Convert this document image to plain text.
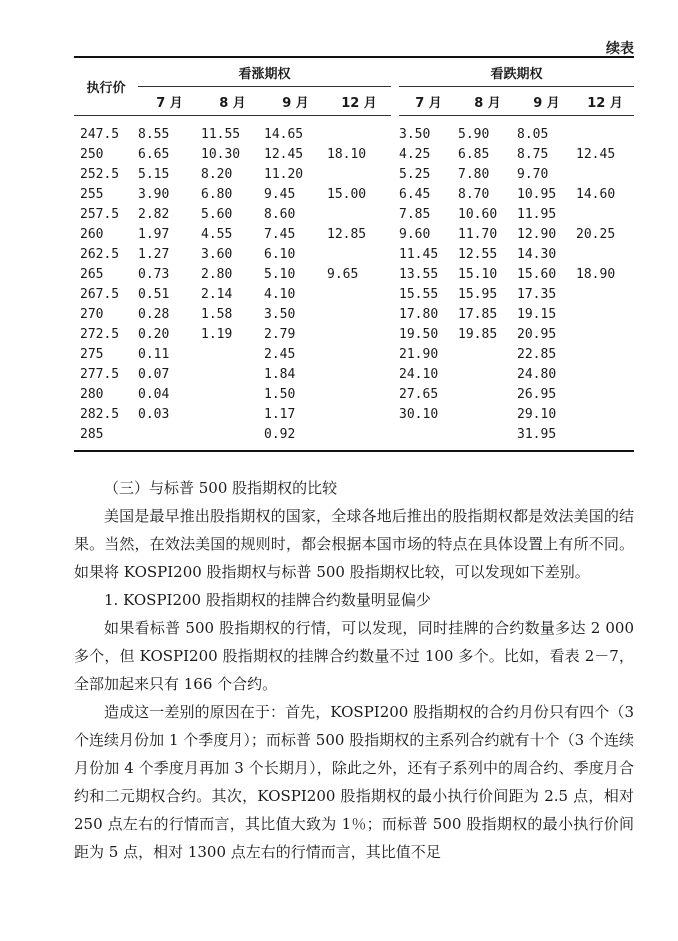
续表
执行价	看涨期权					看跌期权			
	7 月	8 月	9 月	12 月		7 月	8 月	9 月	12 月
247.5	8.55	11.55	14.65			3.50	5.90	8.05	
250	6.65	10.30	12.45	18.10		4.25	6.85	8.75	12.45
252.5	5.15	8.20	11.20			5.25	7.80	9.70	
255	3.90	6.80	9.45	15.00		6.45	8.70	10.95	14.60
257.5	2.82	5.60	8.60			7.85	10.60	11.95	
260	1.97	4.55	7.45	12.85		9.60	11.70	12.90	20.25
262.5	1.27	3.60	6.10			11.45	12.55	14.30	
265	0.73	2.80	5.10	9.65		13.55	15.10	15.60	18.90
267.5	0.51	2.14	4.10			15.55	15.95	17.35	
270	0.28	1.58	3.50			17.80	17.85	19.15	
272.5	0.20	1.19	2.79			19.50	19.85	20.95	
275	0.11		2.45			21.90		22.85	
277.5	0.07		1.84			24.10		24.80	
280	0.04		1.50			27.65		26.95	
282.5	0.03		1.17			30.10		29.10	
285			0.92					31.95	

（三）与标普 500 股指期权的比较

美国是最早推出股指期权的国家，全球各地后推出的股指期权都是效法美国的结果。当然，在效法美国的规则时，都会根据本国市场的特点在具体设置上有所不同。如果将 KOSPI200 股指期权与标普 500 股指期权比较，可以发现如下差别。

1. KOSPI200 股指期权的挂牌合约数量明显偏少

如果看标普 500 股指期权的行情，可以发现，同时挂牌的合约数量多达 2 000 多个，但 KOSPI200 股指期权的挂牌合约数量不过 100 多个。比如，看表 2－7，全部加起来只有 166 个合约。

造成这一差别的原因在于：首先，KOSPI200 股指期权的合约月份只有四个（3 个连续月份加 1 个季度月）；而标普 500 股指期权的主系列合约就有十个（3 个连续月份加 4 个季度月再加 3 个长期月），除此之外，还有子系列中的周合约、季度月合约和二元期权合约。其次，KOSPI200 股指期权的最小执行价间距为 2.5 点，相对 250 点左右的行情而言，其比值大致为 1％；而标普 500 股指期权的最小执行价间距为 5 点，相对 1300 点左右的行情而言，其比值不足
